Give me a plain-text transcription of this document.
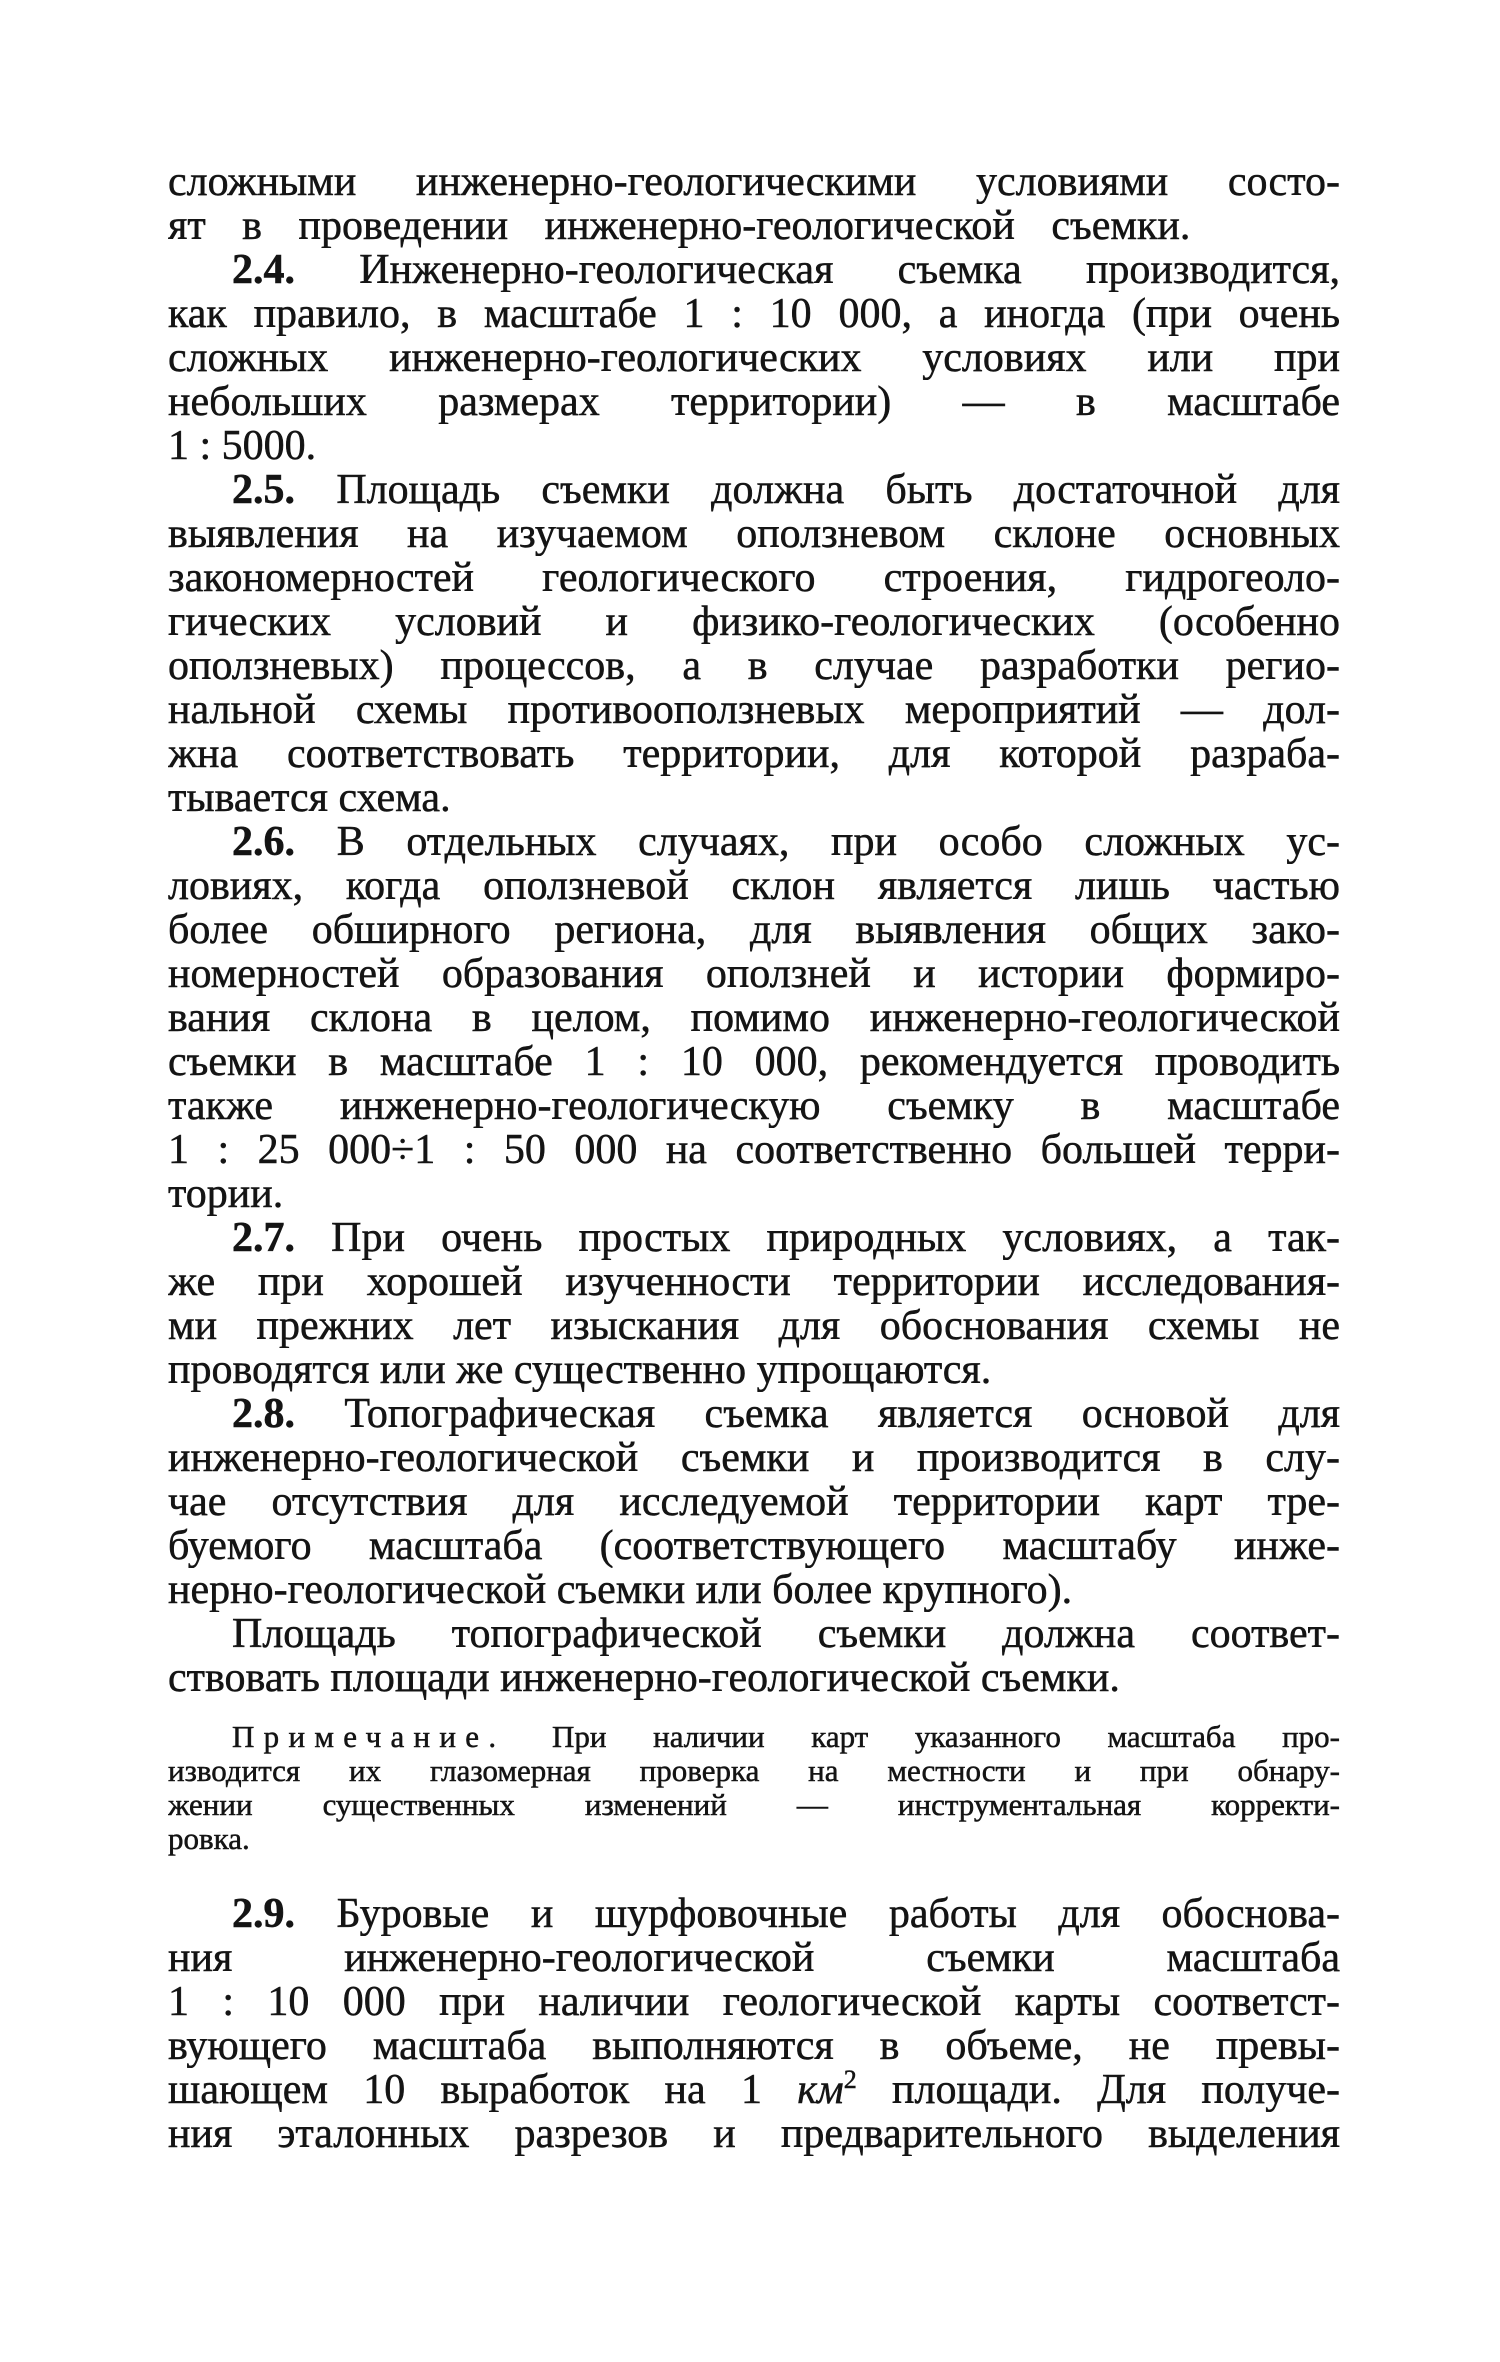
сложными инженерно-геологическими условиями состо-
ят в проведении инженерно-геологической съемки.
2.4. Инженерно-геологическая съемка производится,
как правило, в масштабе 1 : 10 000, а иногда (при очень
сложных инженерно-геологических условиях или при
небольших размерах территории) — в масштабе
1 : 5000.
2.5. Площадь съемки должна быть достаточной для
выявления на изучаемом оползневом склоне основных
закономерностей геологического строения, гидрогеоло-
гических условий и физико-геологических (особенно
оползневых) процессов, а в случае разработки регио-
нальной схемы противооползневых мероприятий — дол-
жна соответствовать территории, для которой разраба-
тывается схема.
2.6. В отдельных случаях, при особо сложных ус-
ловиях, когда оползневой склон является лишь частью
более обширного региона, для выявления общих зако-
номерностей образования оползней и истории формиро-
вания склона в целом, помимо инженерно-геологической
съемки в масштабе 1 : 10 000, рекомендуется проводить
также инженерно-геологическую съемку в масштабе
1 : 25 000÷1 : 50 000 на соответственно большей терри-
тории.
2.7. При очень простых природных условиях, а так-
же при хорошей изученности территории исследования-
ми прежних лет изыскания для обоснования схемы не
проводятся или же существенно упрощаются.
2.8. Топографическая съемка является основой для
инженерно-геологической съемки и производится в слу-
чае отсутствия для исследуемой территории карт тре-
буемого масштаба (соответствующего масштабу инже-
нерно-геологической съемки или более крупного).
Площадь топографической съемки должна соответ-
ствовать площади инженерно-геологической съемки.
Примечание. При наличии карт указанного масштаба про-
изводится их глазомерная проверка на местности и при обнару-
жении существенных изменений — инструментальная корректи-
ровка.
2.9. Буровые и шурфовочные работы для обоснова-
ния инженерно-геологической съемки масштаба
1 : 10 000 при наличии геологической карты соответст-
вующего масштаба выполняются в объеме, не превы-
шающем 10 выработок на 1 $км^2$ площади. Для получе-
ния эталонных разрезов и предварительного выделения
